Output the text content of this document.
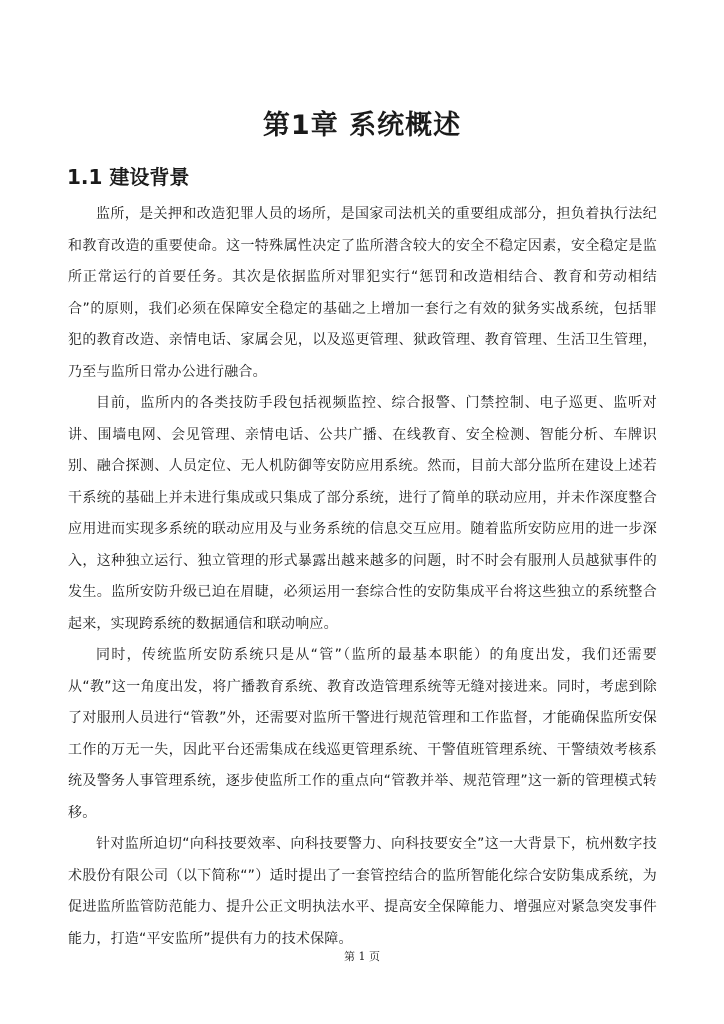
第1章 系统概述
1.1 建设背景

监所，是关押和改造犯罪人员的场所，是国家司法机关的重要组成部分，担负着执行法纪和教育改造的重要使命。这一特殊属性决定了监所潜含较大的安全不稳定因素，安全稳定是监所正常运行的首要任务。其次是依据监所对罪犯实行“惩罚和改造相结合、教育和劳动相结合”的原则，我们必须在保障安全稳定的基础之上增加一套行之有效的狱务实战系统，包括罪犯的教育改造、亲情电话、家属会见，以及巡更管理、狱政管理、教育管理、生活卫生管理，乃至与监所日常办公进行融合。

目前，监所内的各类技防手段包括视频监控、综合报警、门禁控制、电子巡更、监听对讲、围墙电网、会见管理、亲情电话、公共广播、在线教育、安全检测、智能分析、车牌识别、融合探测、人员定位、无人机防御等安防应用系统。然而，目前大部分监所在建设上述若干系统的基础上并未进行集成或只集成了部分系统，进行了简单的联动应用，并未作深度整合应用进而实现多系统的联动应用及与业务系统的信息交互应用。随着监所安防应用的进一步深入，这种独立运行、独立管理的形式暴露出越来越多的问题，时不时会有服刑人员越狱事件的发生。监所安防升级已迫在眉睫，必须运用一套综合性的安防集成平台将这些独立的系统整合起来，实现跨系统的数据通信和联动响应。

同时，传统监所安防系统只是从“管”（监所的最基本职能）的角度出发，我们还需要从“教”这一角度出发，将广播教育系统、教育改造管理系统等无缝对接进来。同时，考虑到除了对服刑人员进行“管教”外，还需要对监所干警进行规范管理和工作监督，才能确保监所安保工作的万无一失，因此平台还需集成在线巡更管理系统、干警值班管理系统、干警绩效考核系统及警务人事管理系统，逐步使监所工作的重点向“管教并举、规范管理”这一新的管理模式转移。

针对监所迫切“向科技要效率、向科技要警力、向科技要安全”这一大背景下，杭州数字技术股份有限公司（以下简称“”）适时提出了一套管控结合的监所智能化综合安防集成系统，为促进监所监管防范能力、提升公正文明执法水平、提高安全保障能力、增强应对紧急突发事件能力，打造“平安监所”提供有力的技术保障。

第 1 页
